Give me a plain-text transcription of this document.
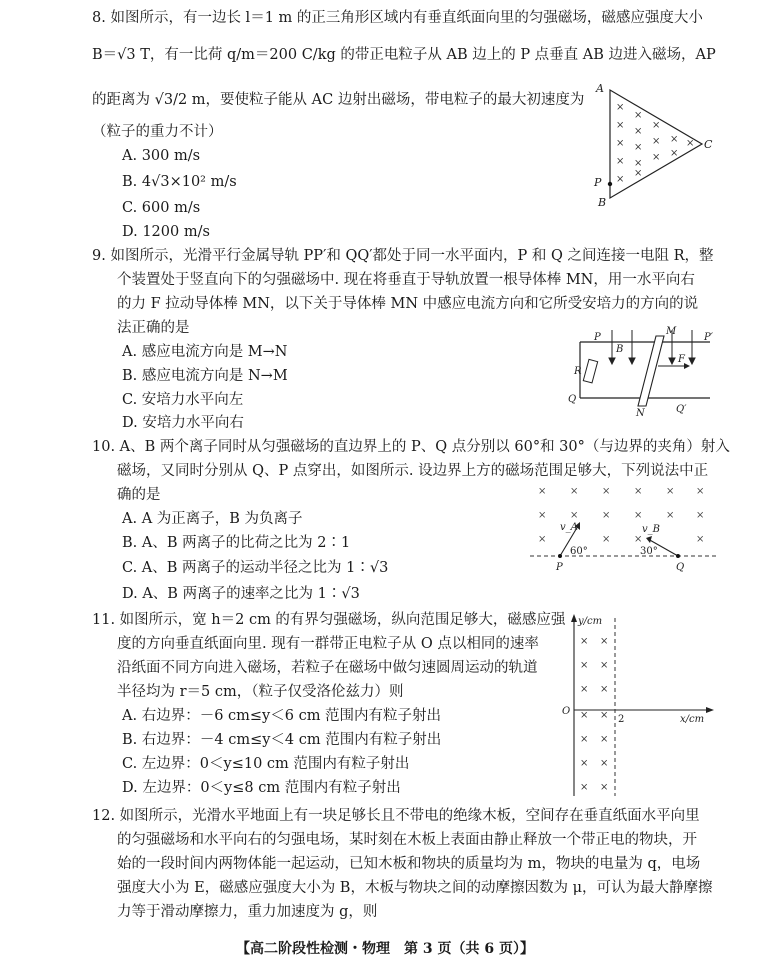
8. 如图所示，有一边长 l＝1 m 的正三角形区域内有垂直纸面向里的匀强磁场，磁感应强度大小
B＝√3 T，有一比荷 q/m＝200 C/kg 的带正电粒子从 AB 边上的 P 点垂直 AB 边进入磁场，AP
的距离为 √3/2 m，要使粒子能从 AC 边射出磁场，带电粒子的最大初速度为
（粒子的重力不计）
A. 300 m/s
B. 4√3×10² m/s
C. 600 m/s
D. 1200 m/s
×
×
×
×
×
× ×
× × ×
× ×
× ×
×
×
A
B
C
P
9. 如图所示，光滑平行金属导轨 PP′和 QQ′都处于同一水平面内，P 和 Q 之间连接一电阻 R，整
个装置处于竖直向下的匀强磁场中. 现在将垂直于导轨放置一根导体棒 MN，用一水平向右
的力 F 拉动导体棒 MN，以下关于导体棒 MN 中感应电流方向和它所受安培力的方向的说
法正确的是
A. 感应电流方向是 M→N
B. 感应电流方向是 N→M
C. 安培力水平向左
D. 安培力水平向右
P	P′
Q
Q′
M
N
R
B
F
10. A、B 两个离子同时从匀强磁场的直边界上的 P、Q 点分别以 60°和 30°（与边界的夹角）射入
磁场，又同时分别从 Q、P 点穿出，如图所示. 设边界上方的磁场范围足够大，下列说法中正
确的是
A. A 为正离子，B 为负离子
B. A、B 两离子的比荷之比为 2∶1
C. A、B 两离子的运动半径之比为 1∶√3
D. A、B 两离子的速率之比为 1∶√3
× × × × × ×
× × × × × ×
×	× ×	×
P	Q
v_A	v_B
60°	30°
11. 如图所示，宽 h＝2 cm 的有界匀强磁场，纵向范围足够大，磁感应强
度的方向垂直纸面向里. 现有一群带正电粒子从 O 点以相同的速率
沿纸面不同方向进入磁场，若粒子在磁场中做匀速圆周运动的轨道
半径均为 r＝5 cm，（粒子仅受洛伦兹力）则
A. 右边界：－6 cm≤y＜6 cm 范围内有粒子射出
B. 右边界：－4 cm≤y＜4 cm 范围内有粒子射出
C. 左边界：0＜y≤10 cm 范围内有粒子射出
D. 左边界：0＜y≤8 cm 范围内有粒子射出
× ×
× ×
× ×
× ×
× ×
× ×
× ×
y/cm
x/cm
O
2
12. 如图所示，光滑水平地面上有一块足够长且不带电的绝缘木板，空间存在垂直纸面水平向里
的匀强磁场和水平向右的匀强电场，某时刻在木板上表面由静止释放一个带正电的物块，开
始的一段时间内两物体能一起运动，已知木板和物块的质量均为 m，物块的电量为 q，电场
强度大小为 E，磁感应强度大小为 B，木板与物块之间的动摩擦因数为 μ，可认为最大静摩擦
力等于滑动摩擦力，重力加速度为 g，则
【高二阶段性检测・物理　第 3 页（共 6 页）】
